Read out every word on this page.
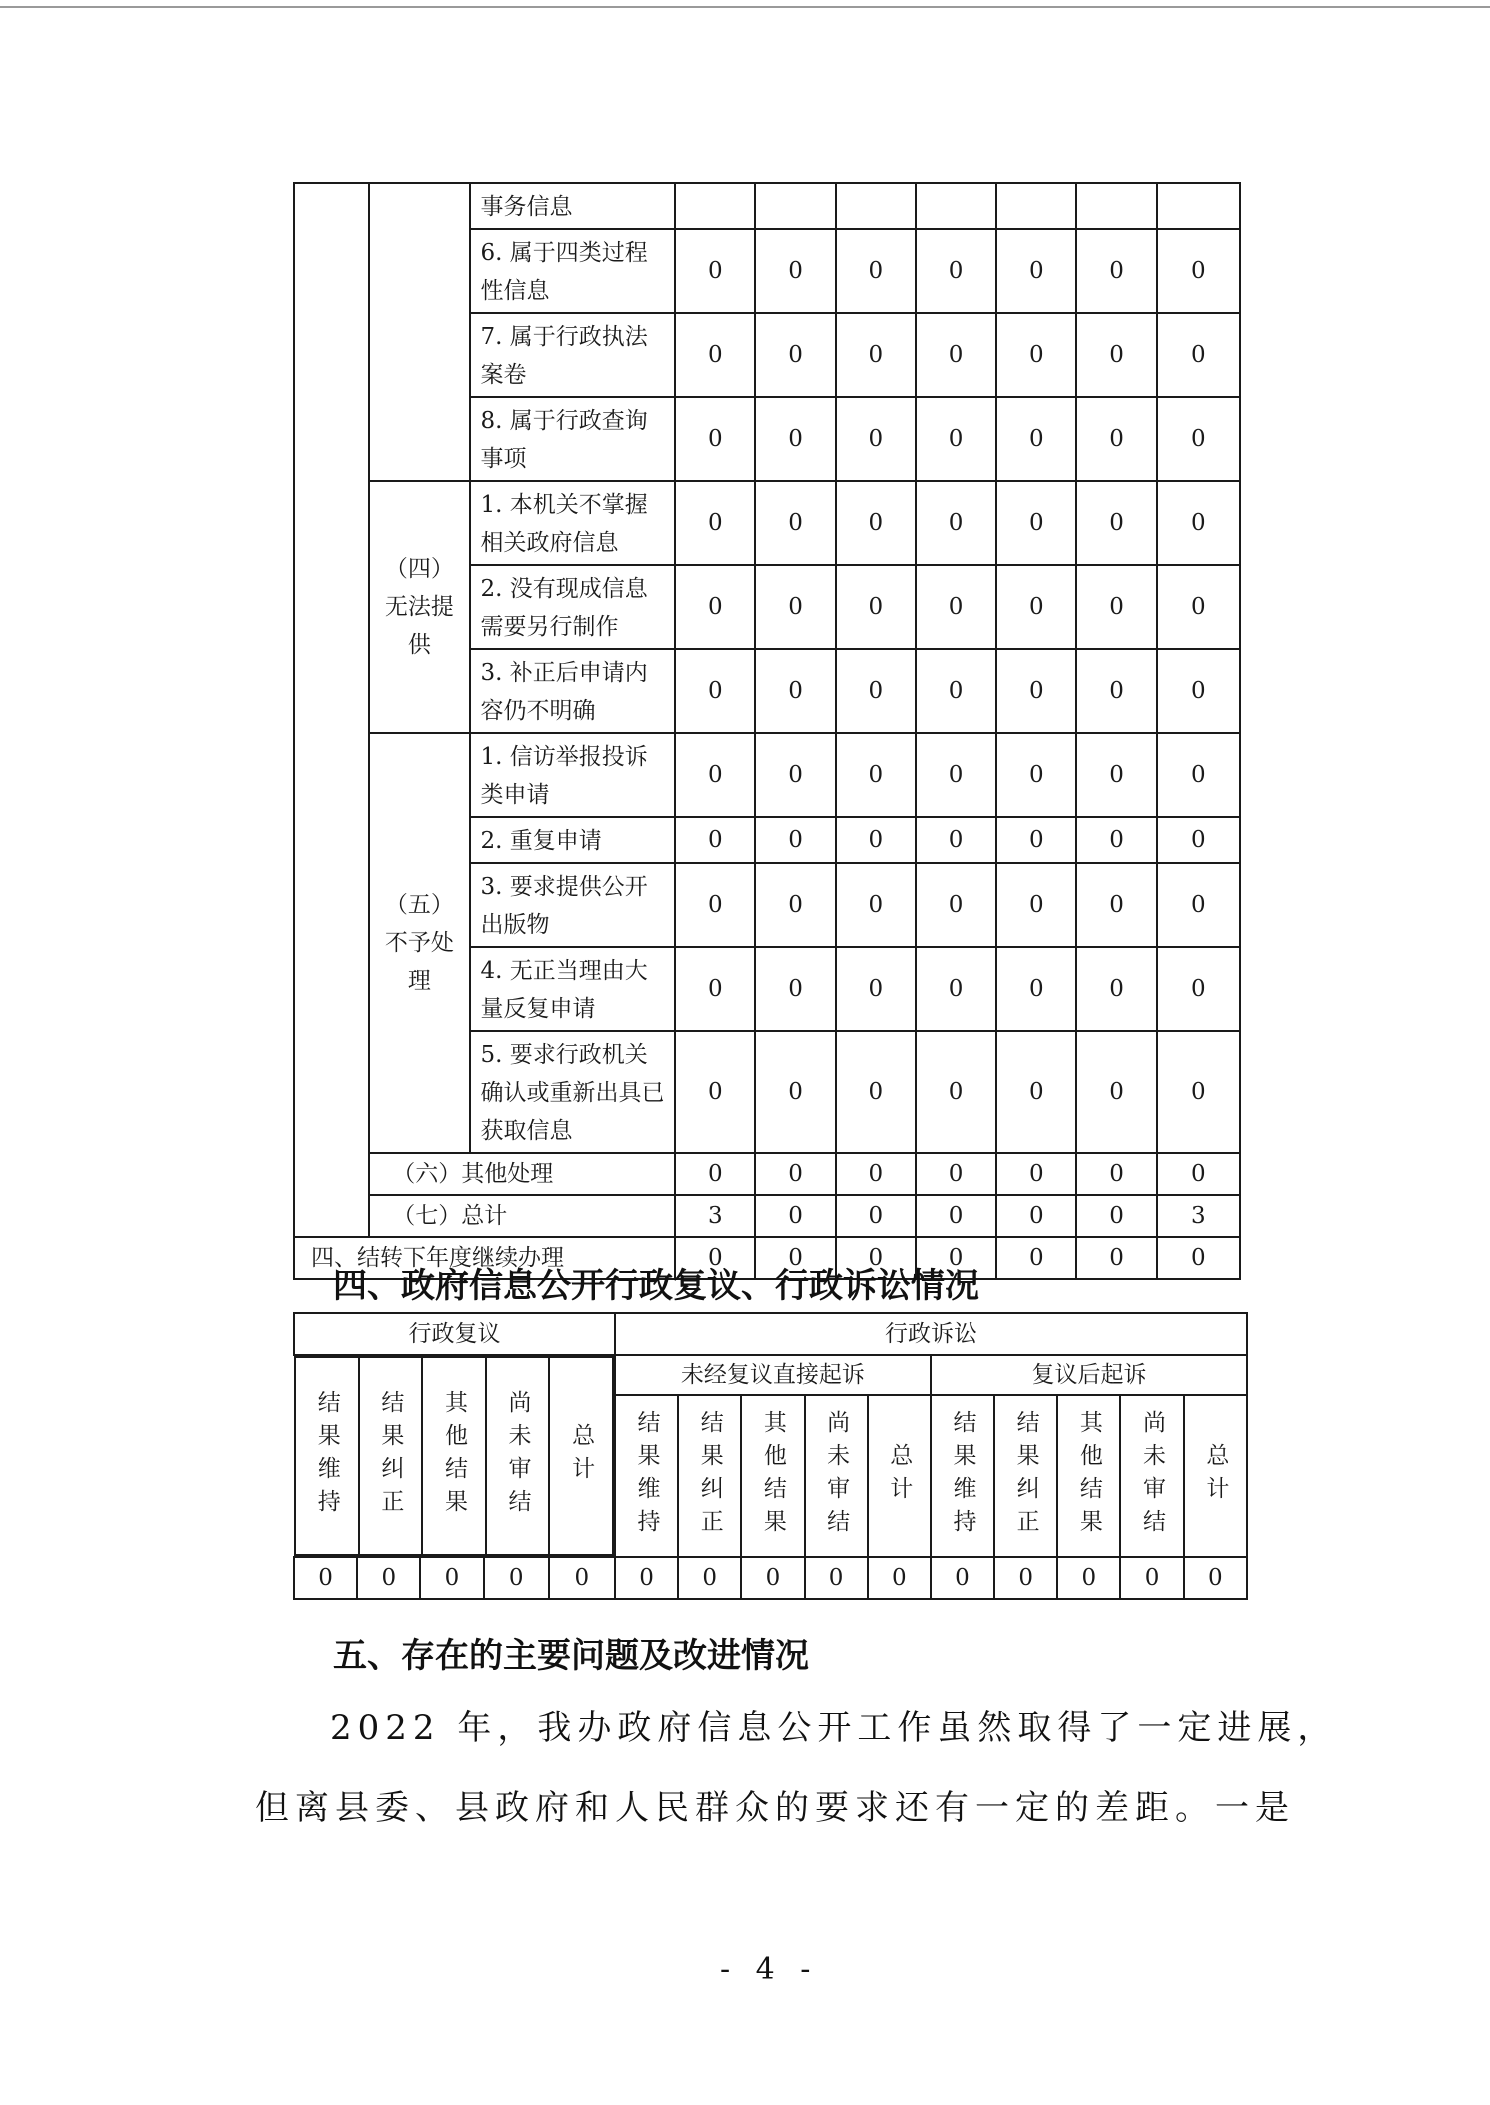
		事务信息							
		6. 属于四类过程性信息	0	0	0	0	0	0	0
		7. 属于行政执法案卷	0	0	0	0	0	0	0
		8. 属于行政查询事项	0	0	0	0	0	0	0
	（四）无法提供	1. 本机关不掌握相关政府信息	0	0	0	0	0	0	0
		2. 没有现成信息需要另行制作	0	0	0	0	0	0	0
		3. 补正后申请内容仍不明确	0	0	0	0	0	0	0
	（五）不予处理	1. 信访举报投诉类申请	0	0	0	0	0	0	0
		2. 重复申请	0	0	0	0	0	0	0
		3. 要求提供公开出版物	0	0	0	0	0	0	0
		4. 无正当理由大量反复申请	0	0	0	0	0	0	0
		5. 要求行政机关确认或重新出具已获取信息	0	0	0	0	0	0	0
	（六）其他处理		0	0	0	0	0	0	0
	（七）总计		3	0	0	0	0	0	3
四、结转下年度继续办理			0	0	0	0	0	0	0
四、政府信息公开行政复议、行政诉讼情况
行政复议	行政诉讼

结果维持	结果纠正	其他结果	尚未审结	总计
	未经复议直接起诉	复议后起诉
结果维持	结果纠正	其他结果	尚未审结	总计	结果维持	结果纠正	其他结果	尚未审结	总计
0	0	0	0	0	0	0	0	0	0	0	0	0	0	0
五、存在的主要问题及改进情况
2022 年，我办政府信息公开工作虽然取得了一定进展，
但离县委、县政府和人民群众的要求还有一定的差距。一是
- 4 -
